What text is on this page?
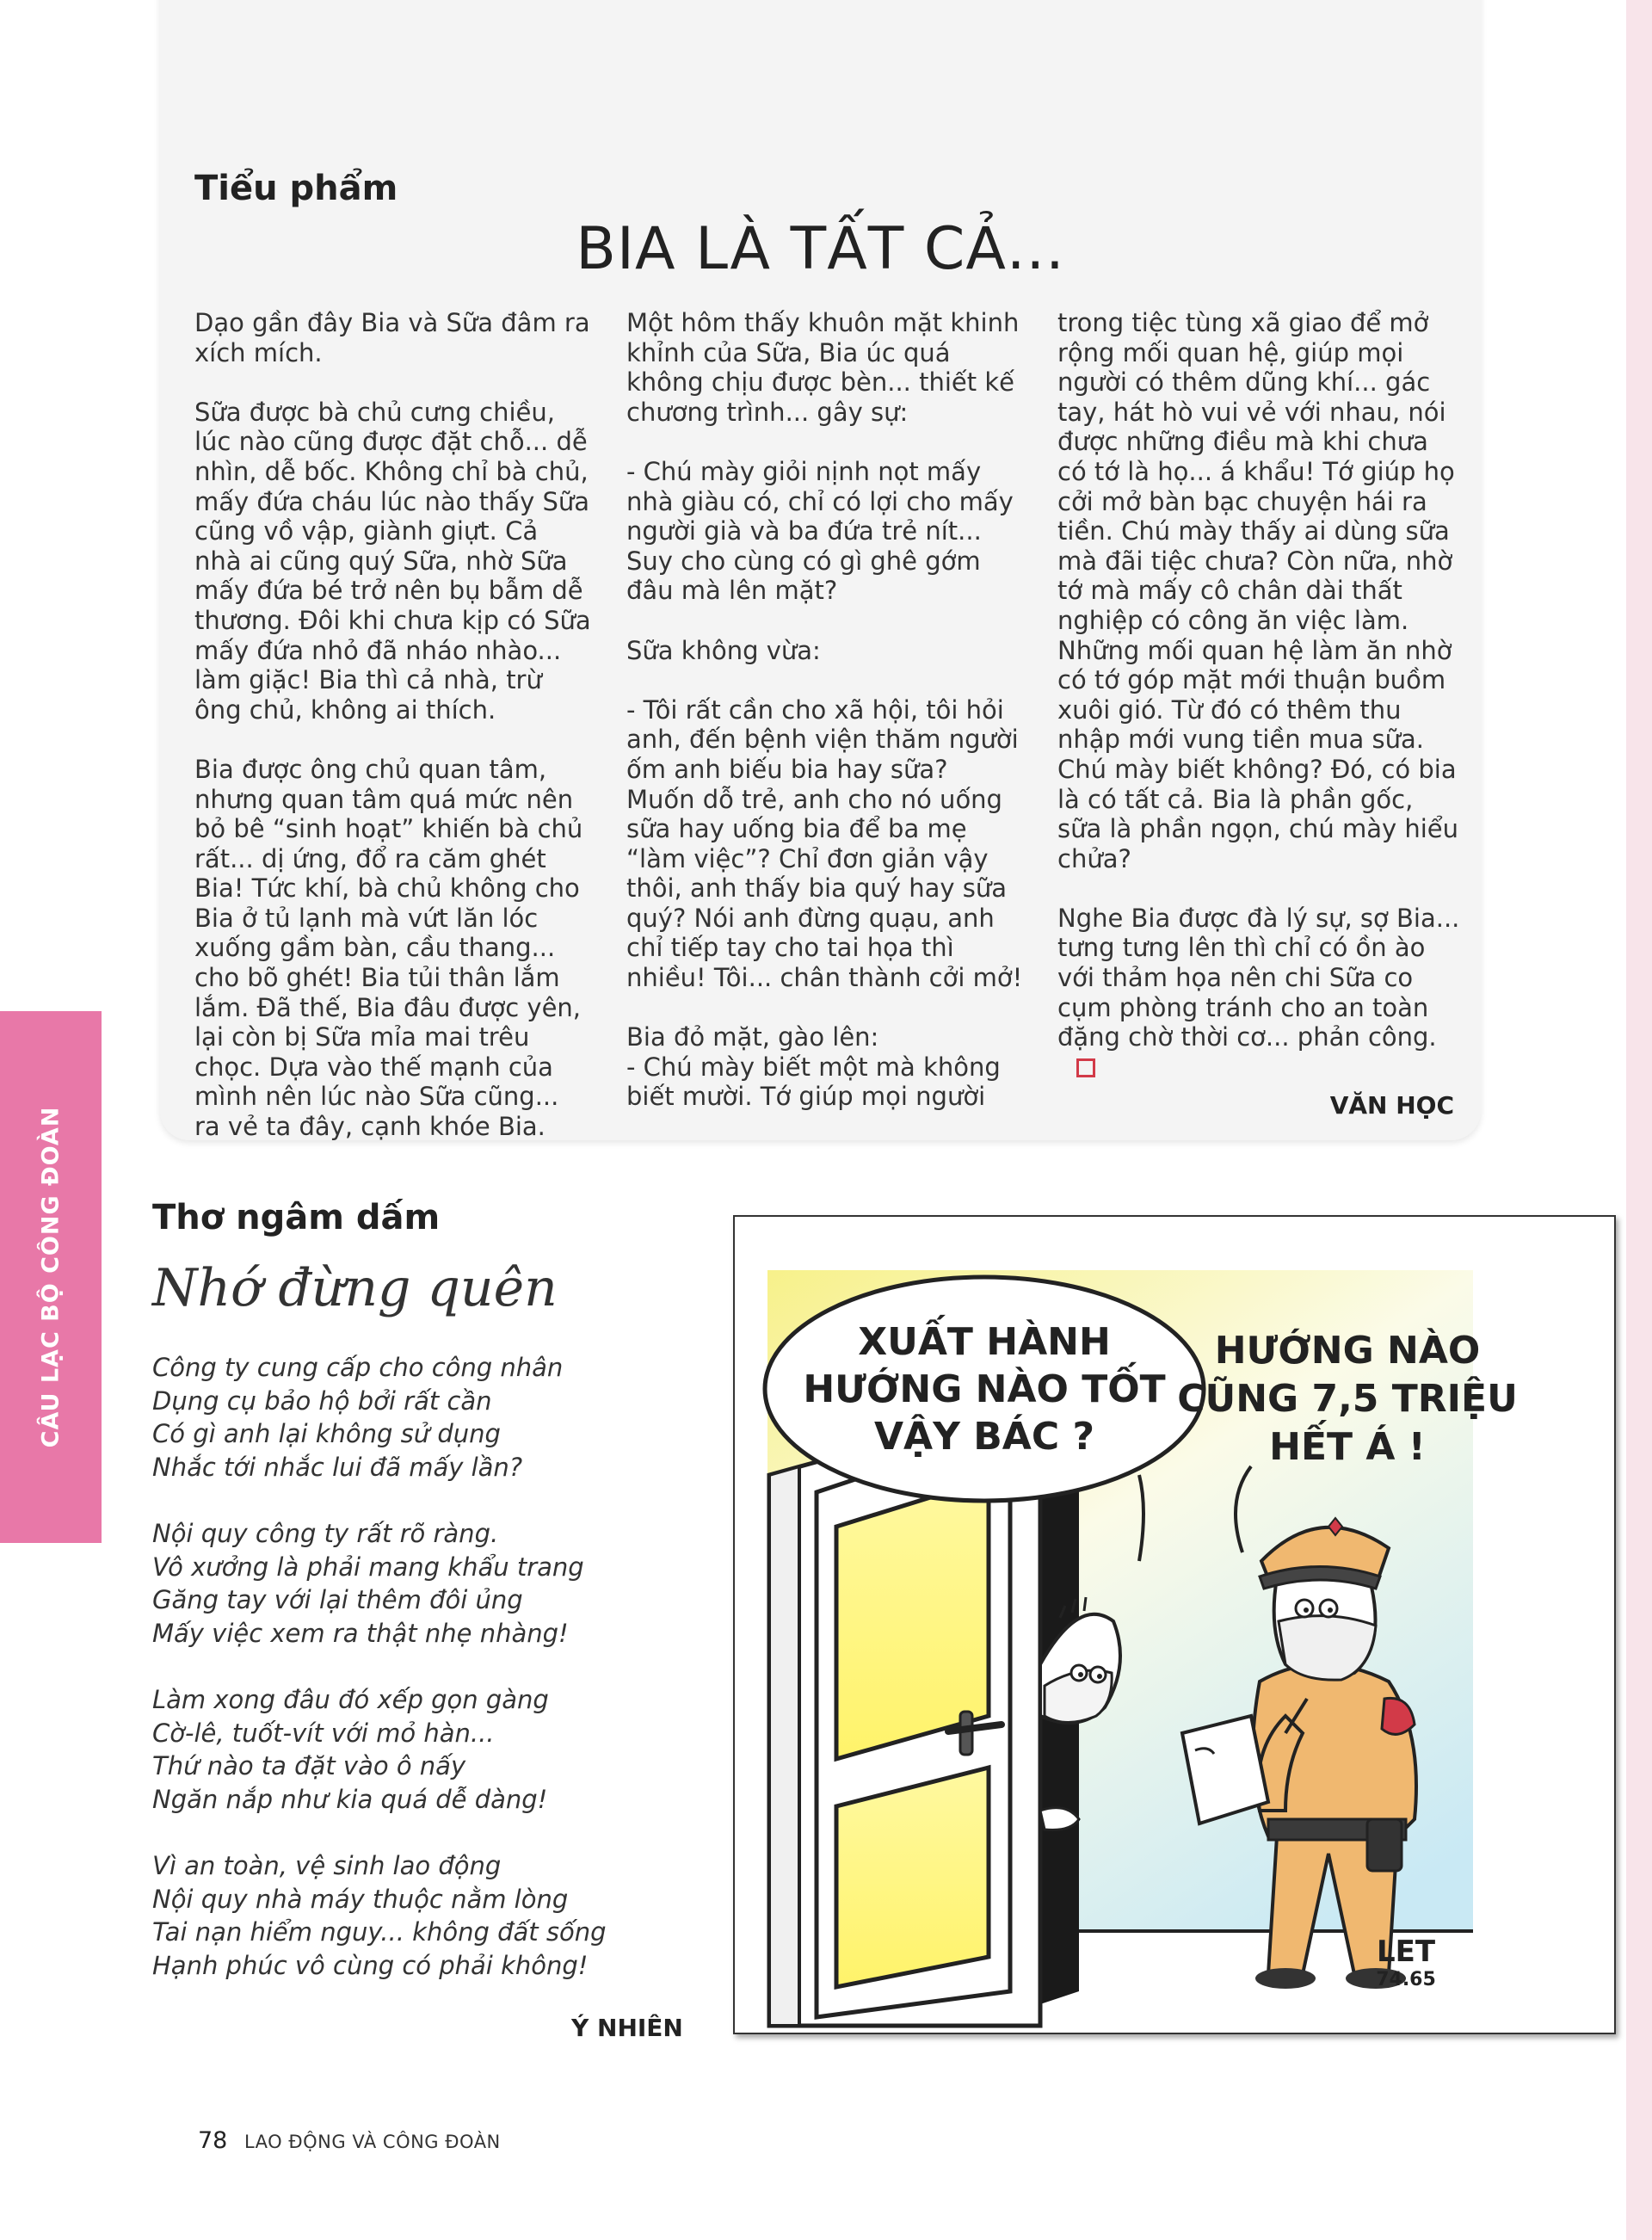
Tiểu phẩm
BIA LÀ TẤT CẢ...

Dạo gần đây Bia và Sữa đâm ra xích mích.

Sữa được bà chủ cưng chiều, lúc nào cũng được đặt chỗ... dễ nhìn, dễ bốc. Không chỉ bà chủ, mấy đứa cháu lúc nào thấy Sữa cũng vồ vập, giành giựt. Cả nhà ai cũng quý Sữa, nhờ Sữa mấy đứa bé trở nên bụ bẫm dễ thương. Đôi khi chưa kịp có Sữa mấy đứa nhỏ đã nháo nhào... làm giặc! Bia thì cả nhà, trừ ông chủ, không ai thích.

Bia được ông chủ quan tâm, nhưng quan tâm quá mức nên bỏ bê “sinh hoạt” khiến bà chủ rất... dị ứng, đổ ra căm ghét Bia! Tức khí, bà chủ không cho Bia ở tủ lạnh mà vứt lăn lóc xuống gầm bàn, cầu thang... cho bõ ghét! Bia tủi thân lắm lắm. Đã thế, Bia đâu được yên, lại còn bị Sữa mỉa mai trêu chọc. Dựa vào thế mạnh của mình nên lúc nào Sữa cũng... ra vẻ ta đây, cạnh khóe Bia.

Một hôm thấy khuôn mặt khinh khỉnh của Sữa, Bia úc quá không chịu được bèn... thiết kế chương trình... gây sự:

- Chú mày giỏi nịnh nọt mấy nhà giàu có, chỉ có lợi cho mấy người già và ba đứa trẻ nít... Suy cho cùng có gì ghê gớm đâu mà lên mặt?

Sữa không vừa:

- Tôi rất cần cho xã hội, tôi hỏi anh, đến bệnh viện thăm người ốm anh biếu bia hay sữa? Muốn dỗ trẻ, anh cho nó uống sữa hay uống bia để ba mẹ “làm việc”? Chỉ đơn giản vậy thôi, anh thấy bia quý hay sữa quý? Nói anh đừng quạu, anh chỉ tiếp tay cho tai họa thì nhiều! Tôi... chân thành cởi mở!

Bia đỏ mặt, gào lên:
- Chú mày biết một mà không biết mười. Tớ giúp mọi người

trong tiệc tùng xã giao để mở rộng mối quan hệ, giúp mọi người có thêm dũng khí... gác tay, hát hò vui vẻ với nhau, nói được những điều mà khi chưa có tớ là họ... á khẩu! Tớ giúp họ cởi mở bàn bạc chuyện hái ra tiền. Chú mày thấy ai dùng sữa mà đãi tiệc chưa? Còn nữa, nhờ tớ mà mấy cô chân dài thất nghiệp có công ăn việc làm. Những mối quan hệ làm ăn nhờ có tớ góp mặt mới thuận buồm xuôi gió. Từ đó có thêm thu nhập mới vung tiền mua sữa. Chú mày biết không? Đó, có bia là có tất cả. Bia là phần gốc, sữa là phần ngọn, chú mày hiểu chửa?

Nghe Bia được đà lý sự, sợ Bia... tưng tưng lên thì chỉ có ồn ào với thảm họa nên chi Sữa co cụm phòng tránh cho an toàn đặng chờ thời cơ... phản công.

VĂN HỌC
CÂU LẠC BỘ CÔNG ĐOÀN	Thơ ngâm dấm
Nhớ đừng quên
Công ty cung cấp cho công nhân
Dụng cụ bảo hộ bởi rất cần
Có gì anh lại không sử dụng
Nhắc tới nhắc lui đã mấy lần?
Nội quy công ty rất rõ ràng.
Vô xưởng là phải mang khẩu trang
Găng tay với lại thêm đôi ủng
Mấy việc xem ra thật nhẹ nhàng!
Làm xong đâu đó xếp gọn gàng
Cờ-lê, tuốt-vít với mỏ hàn...
Thứ nào ta đặt vào ô nấy
Ngăn nắp như kia quá dễ dàng!
Vì an toàn, vệ sinh lao động
Nội quy nhà máy thuộc nằm lòng
Tai nạn hiểm nguy... không đất sống
Hạnh phúc vô cùng có phải không!
Ý NHIÊN
XUẤT HÀNH
HƯỚNG NÀO TỐT
VẬY BÁC ?
HƯỚNG NÀO
CŨNG 7,5 TRIỆU
HẾT Á !
LET
74.65
78 LAO ĐỘNG VÀ CÔNG ĐOÀN
